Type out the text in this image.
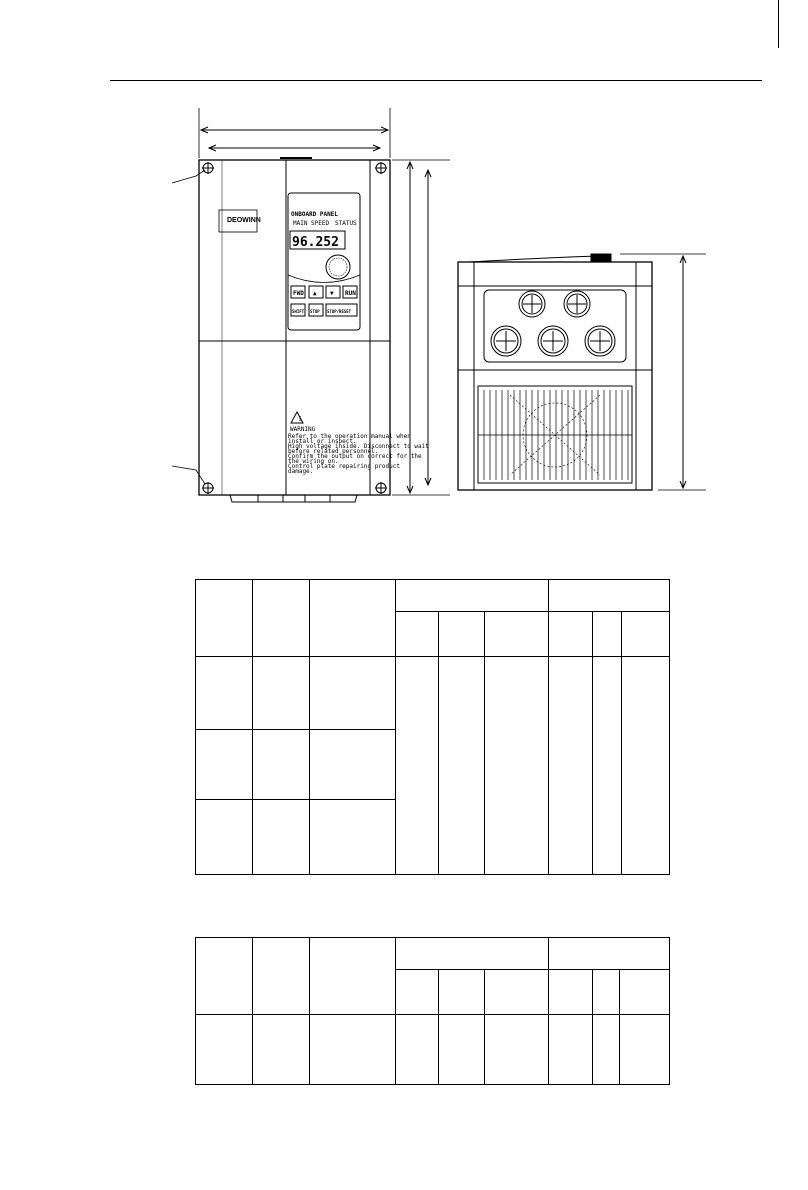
DEOWINN
ONBOARD PANEL
MAIN SPEED STATUS
96.252
FWD ▲ ▼ RUN
SHIFT STOP STOP/RESET
!
WARNING
Refer to the operation manual when
install or inspect.
High voltage inside. Disconnect to wait
before related personnel.
Confirm the output on correct for the
the wiring on.
Control plate repairing product
damage.
